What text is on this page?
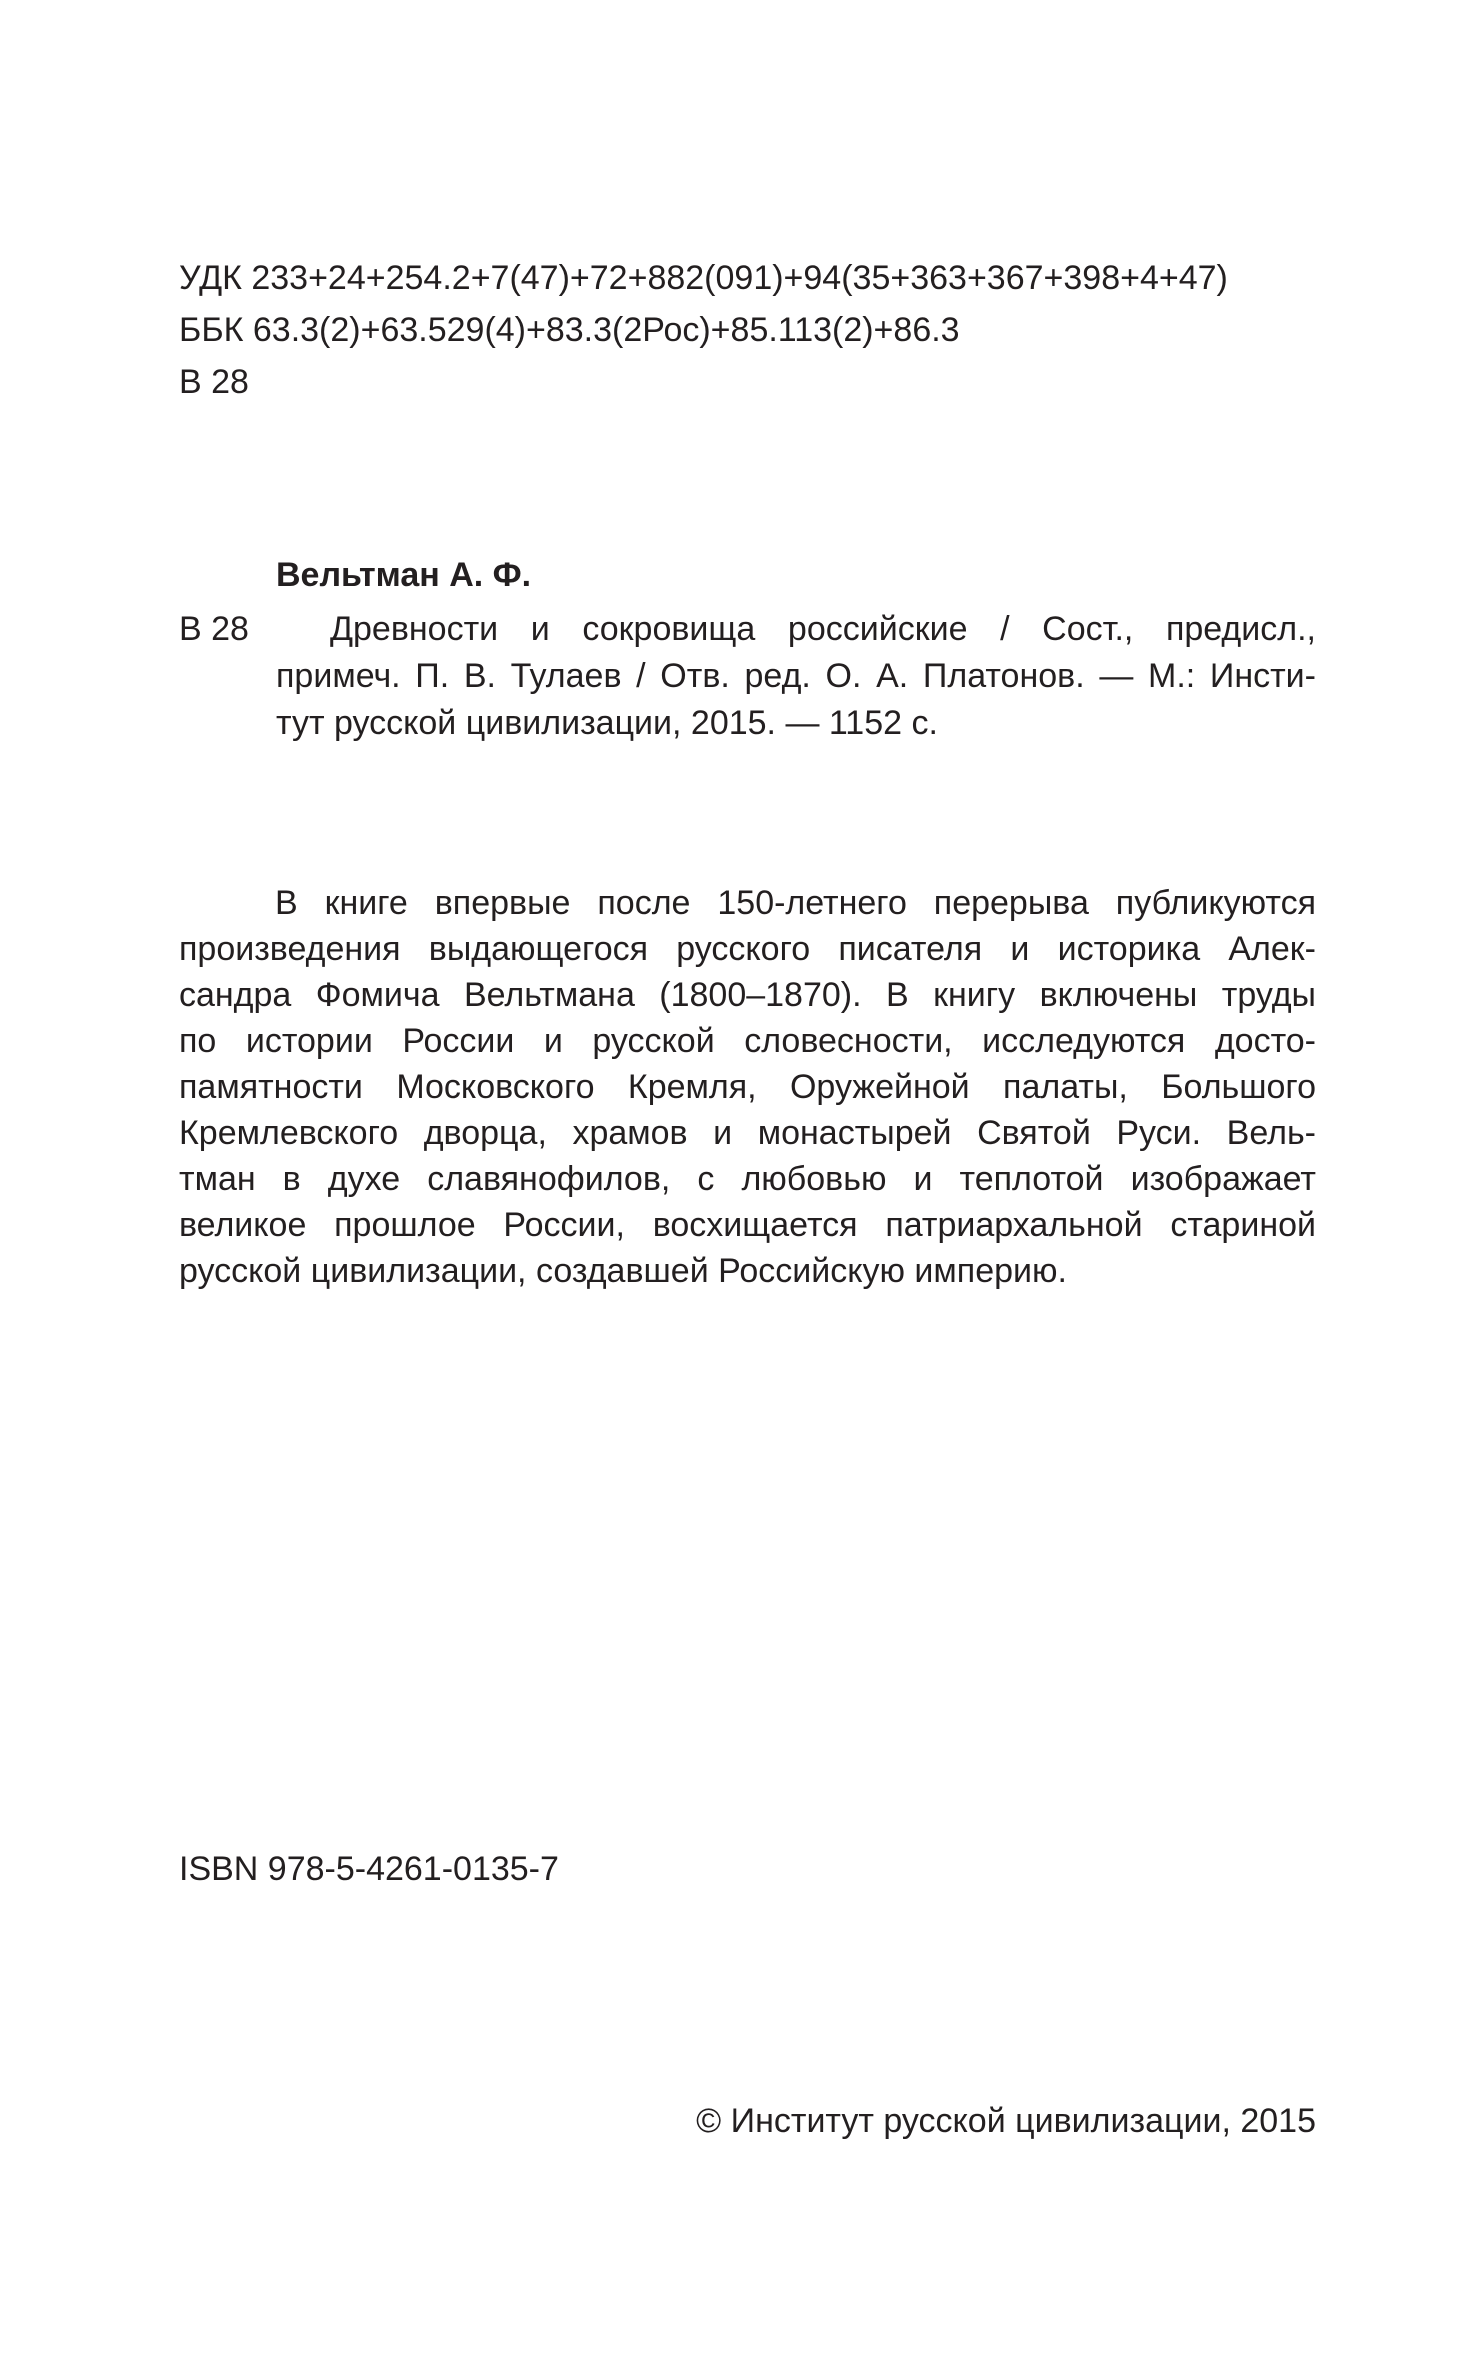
УДК 233+24+254.2+7(47)+72+882(091)+94(35+363+367+398+4+47)
ББК 63.3(2)+63.529(4)+83.3(2Рос)+85.113(2)+86.3
В 28
Вельтман А. Ф.
В 28	Древности и сокровища российские / Сост., предисл.,
примеч. П. В. Тулаев / Отв. ред. О. А. Платонов. — М.: Инсти-
тут русской цивилизации, 2015. — 1152 с.
В книге впервые после 150-летнего перерыва публикуются
произведения выдающегося русского писателя и историка Алек-
сандра Фомича Вельтмана (1800–1870). В книгу включены труды
по истории России и русской словесности, исследуются досто-
памятности Московского Кремля, Оружейной палаты, Большого
Кремлевского дворца, храмов и монастырей Святой Руси. Вель-
тман в духе славянофилов, с любовью и теплотой изображает
великое прошлое России, восхищается патриархальной стариной
русской цивилизации, создавшей Российскую империю.
ISBN 978-5-4261-0135-7
© Институт русской цивилизации, 2015
